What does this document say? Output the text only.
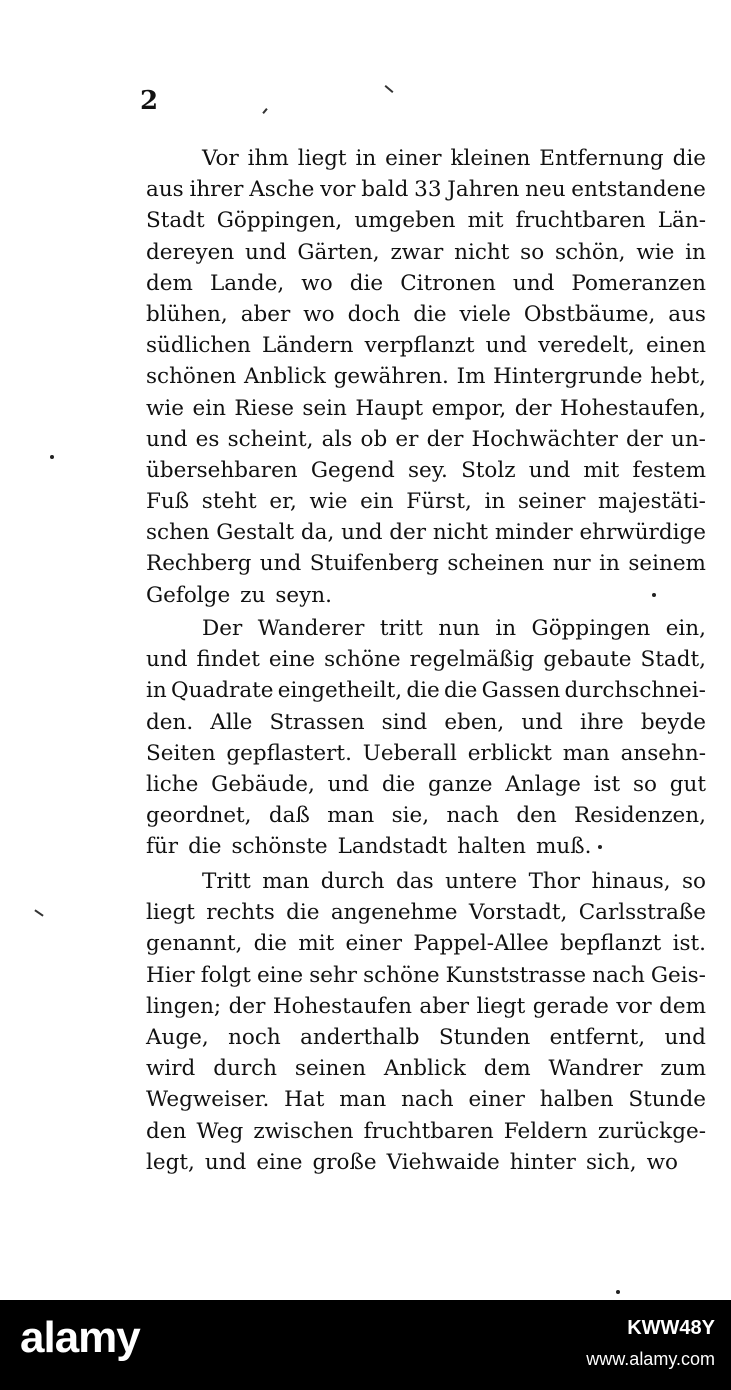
2
Vor ihm liegt in einer kleinen Entfernung die
aus ihrer Asche vor bald 33 Jahren neu entstandene
Stadt Göppingen, umgeben mit fruchtbaren Län-
dereyen und Gärten, zwar nicht so schön, wie in
dem Lande, wo die Citronen und Pomeranzen
blühen, aber wo doch die viele Obstbäume, aus
südlichen Ländern verpflanzt und veredelt, einen
schönen Anblick gewähren. Im Hintergrunde hebt,
wie ein Riese sein Haupt empor, der Hohestaufen,
und es scheint, als ob er der Hochwächter der un-
übersehbaren Gegend sey. Stolz und mit festem
Fuß steht er, wie ein Fürst, in seiner majestäti-
schen Gestalt da, und der nicht minder ehrwürdige
Rechberg und Stuifenberg scheinen nur in seinem
Gefolge zu seyn.
Der Wanderer tritt nun in Göppingen ein,
und findet eine schöne regelmäßig gebaute Stadt,
in Quadrate eingetheilt, die die Gassen durchschnei-
den. Alle Strassen sind eben, und ihre beyde
Seiten gepflastert. Ueberall erblickt man ansehn-
liche Gebäude, und die ganze Anlage ist so gut
geordnet, daß man sie, nach den Residenzen,
für die schönste Landstadt halten muß.
Tritt man durch das untere Thor hinaus, so
liegt rechts die angenehme Vorstadt, Carlsstraße
genannt, die mit einer Pappel-Allee bepflanzt ist.
Hier folgt eine sehr schöne Kunststrasse nach Geis-
lingen; der Hohestaufen aber liegt gerade vor dem
Auge, noch anderthalb Stunden entfernt, und
wird durch seinen Anblick dem Wandrer zum
Wegweiser. Hat man nach einer halben Stunde
den Weg zwischen fruchtbaren Feldern zurückge-
legt, und eine große Viehwaide hinter sich, wo
alamy	KWW48Y
www.alamy.com
